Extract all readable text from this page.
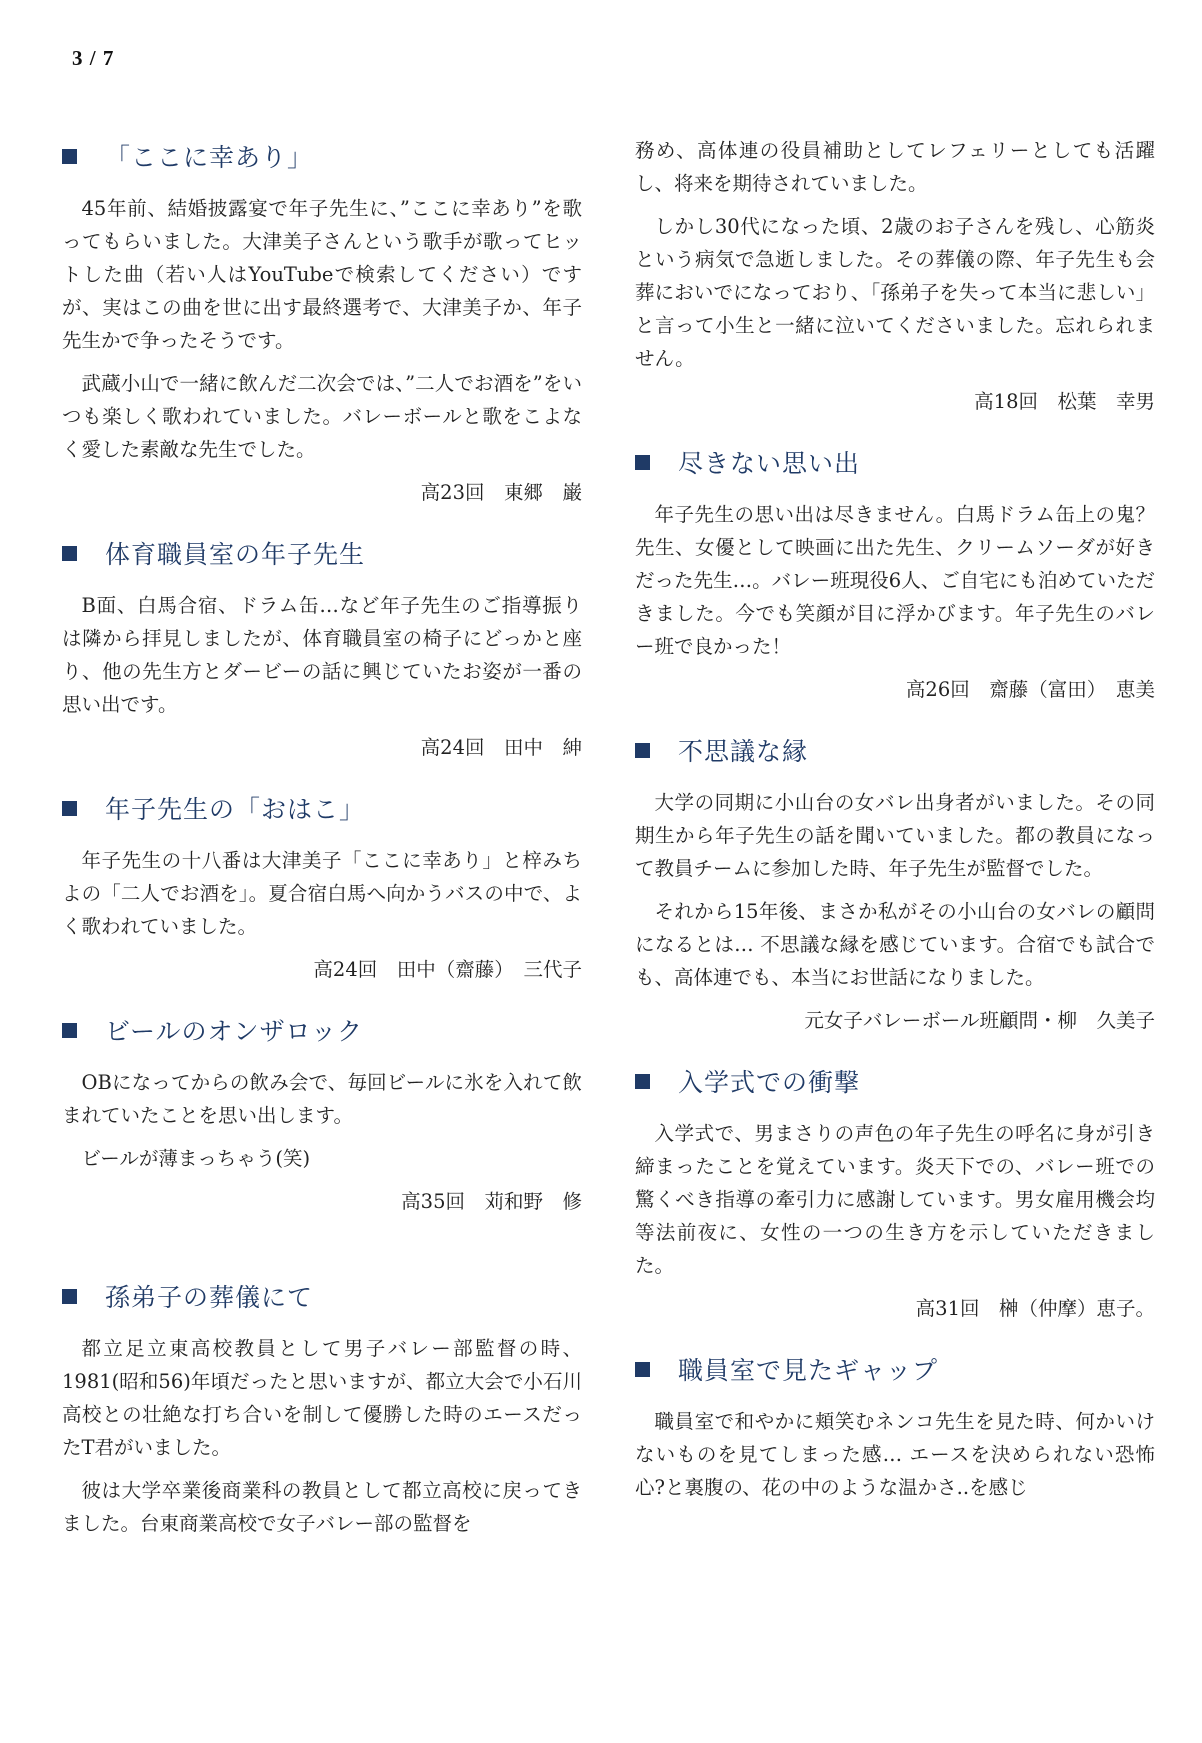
3 / 7
「ここに幸あり」

45年前、結婚披露宴で年子先生に、”ここに幸あり”を歌ってもらいました。大津美子さんという歌手が歌ってヒットした曲（若い人はYouTubeで検索してください）ですが、実はこの曲を世に出す最終選考で、大津美子か、年子先生かで争ったそうです。

武蔵小山で一緒に飲んだ二次会では、”二人でお酒を”をいつも楽しく歌われていました。バレーボールと歌をこよなく愛した素敵な先生でした。

高23回　東郷　巌

体育職員室の年子先生

B面、白馬合宿、ドラム缶…など年子先生のご指導振りは隣から拝見しましたが、体育職員室の椅子にどっかと座り、他の先生方とダービーの話に興じていたお姿が一番の思い出です。

高24回　田中　紳

年子先生の「おはこ」

年子先生の十八番は大津美子「ここに幸あり」と梓みちよの「二人でお酒を」。夏合宿白馬へ向かうバスの中で、よく歌われていました。

高24回　田中（齋藤）　三代子

ビールのオンザロック

OBになってからの飲み会で、毎回ビールに氷を入れて飲まれていたことを思い出します。

ビールが薄まっちゃう(笑)

高35回　苅和野　修

孫弟子の葬儀にて

都立足立東高校教員として男子バレー部監督の時、1981(昭和56)年頃だったと思いますが、都立大会で小石川高校との壮絶な打ち合いを制して優勝した時のエースだったT君がいました。

彼は大学卒業後商業科の教員として都立高校に戻ってきました。台東商業高校で女子バレー部の監督を

務め、高体連の役員補助としてレフェリーとしても活躍し、将来を期待されていました。

しかし30代になった頃、2歳のお子さんを残し、心筋炎という病気で急逝しました。その葬儀の際、年子先生も会葬においでになっており、「孫弟子を失って本当に悲しい」と言って小生と一緒に泣いてくださいました。忘れられません。

高18回　松葉　幸男

尽きない思い出

年子先生の思い出は尽きません。白馬ドラム缶上の鬼？先生、女優として映画に出た先生、クリームソーダが好きだった先生…。バレー班現役6人、ご自宅にも泊めていただきました。今でも笑顔が目に浮かびます。年子先生のバレー班で良かった！

高26回　齋藤（富田）　恵美

不思議な縁

大学の同期に小山台の女バレ出身者がいました。その同期生から年子先生の話を聞いていました。都の教員になって教員チームに参加した時、年子先生が監督でした。

それから15年後、まさか私がその小山台の女バレの顧問になるとは… 不思議な縁を感じています。合宿でも試合でも、高体連でも、本当にお世話になりました。

元女子バレーボール班顧問・柳　久美子

入学式での衝撃

入学式で、男まさりの声色の年子先生の呼名に身が引き締まったことを覚えています。炎天下での、バレー班での驚くべき指導の牽引力に感謝しています。男女雇用機会均等法前夜に、女性の一つの生き方を示していただきました。

高31回　榊（仲摩）恵子。

職員室で見たギャップ

職員室で和やかに頬笑むネンコ先生を見た時、何かいけないものを見てしまった感… エースを決められない恐怖心?と裏腹の、花の中のような温かさ..を感じ
